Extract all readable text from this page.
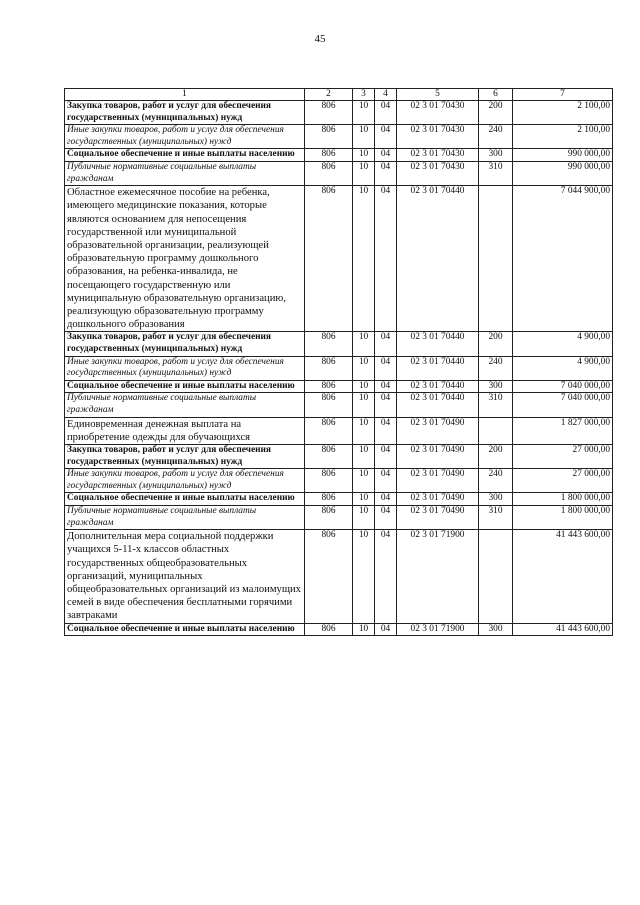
45
1	2	3	4	5	6	7
Закупка товаров, работ и услуг для обеспечения государственных (муниципальных) нужд	806	10	04	02 3 01 70430	200	2 100,00
Иные закупки товаров, работ и услуг для обеспечения государственных (муниципальных) нужд	806	10	04	02 3 01 70430	240	2 100,00
Социальное обеспечение и иные выплаты населению	806	10	04	02 3 01 70430	300	990 000,00
Публичные нормативные социальные выплаты гражданам	806	10	04	02 3 01 70430	310	990 000,00
Областное ежемесячное пособие на ребенка, имеющего медицинские показания, которые являются основанием для непосещения государственной или муниципальной образовательной организации, реализующей образовательную программу дошкольного образования, на ребенка-инвалида, не посещающего государственную или муниципальную образовательную организацию, реализующую образовательную программу дошкольного образования	806	10	04	02 3 01 70440		7 044 900,00
Закупка товаров, работ и услуг для обеспечения государственных (муниципальных) нужд	806	10	04	02 3 01 70440	200	4 900,00
Иные закупки товаров, работ и услуг для обеспечения государственных (муниципальных) нужд	806	10	04	02 3 01 70440	240	4 900,00
Социальное обеспечение и иные выплаты населению	806	10	04	02 3 01 70440	300	7 040 000,00
Публичные нормативные социальные выплаты гражданам	806	10	04	02 3 01 70440	310	7 040 000,00
Единовременная денежная выплата на приобретение одежды для обучающихся	806	10	04	02 3 01 70490		1 827 000,00
Закупка товаров, работ и услуг для обеспечения государственных (муниципальных) нужд	806	10	04	02 3 01 70490	200	27 000,00
Иные закупки товаров, работ и услуг для обеспечения государственных (муниципальных) нужд	806	10	04	02 3 01 70490	240	27 000,00
Социальное обеспечение и иные выплаты населению	806	10	04	02 3 01 70490	300	1 800 000,00
Публичные нормативные социальные выплаты гражданам	806	10	04	02 3 01 70490	310	1 800 000,00
Дополнительная мера социальной поддержки учащихся 5-11-х классов областных государственных общеобразовательных организаций, муниципальных общеобразовательных организаций из малоимущих семей в виде обеспечения бесплатными горячими завтраками	806	10	04	02 3 01 71900		41 443 600,00
Социальное обеспечение и иные выплаты населению	806	10	04	02 3 01 71900	300	41 443 600,00
